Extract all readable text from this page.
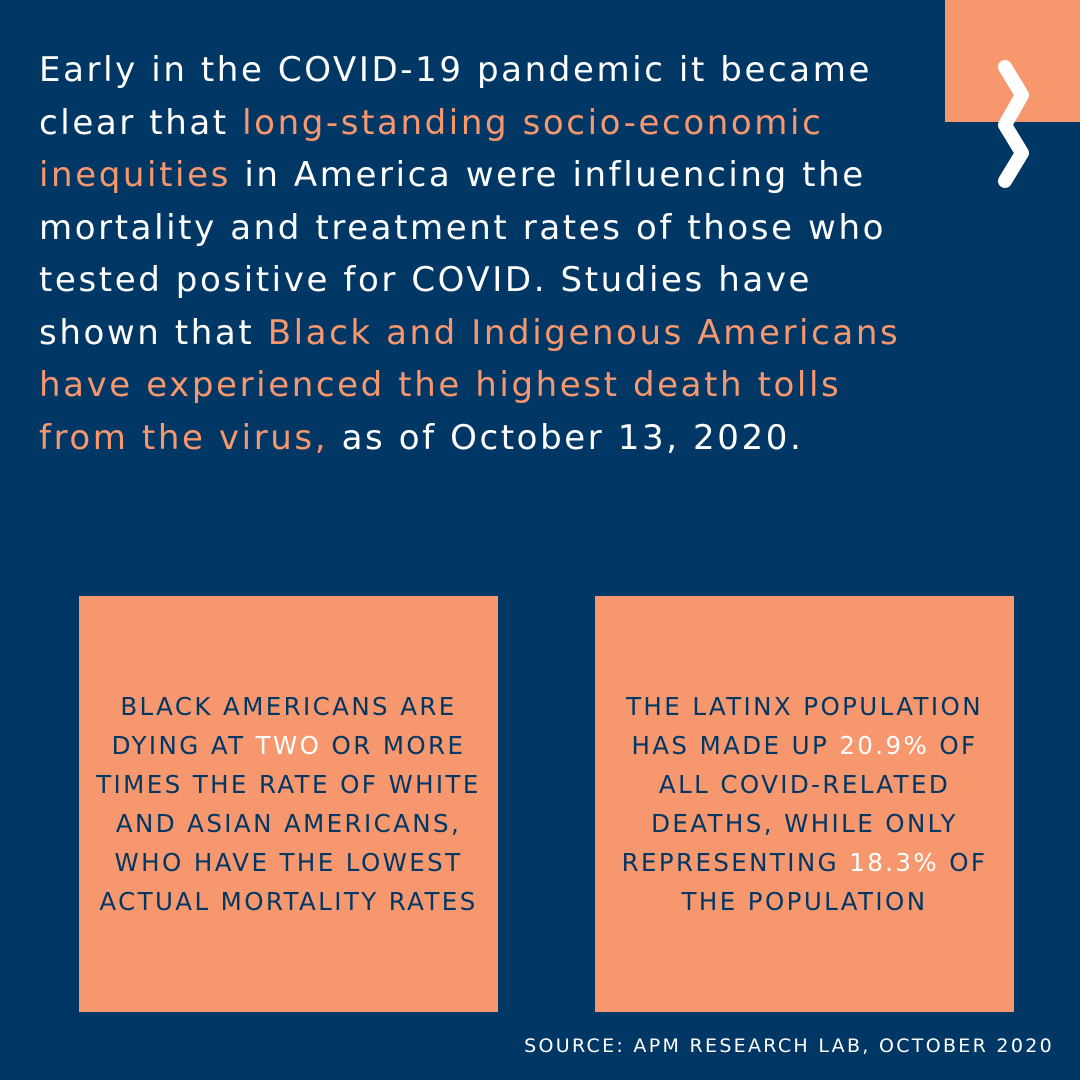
Early in the COVID-19 pandemic it became clear that long-standing socio-economic inequities in America were influencing the mortality and treatment rates of those who tested positive for COVID. Studies have shown that Black and Indigenous Americans have experienced the highest death tolls from the virus, as of October 13, 2020.

BLACK AMERICANS ARE DYING AT TWO OR MORE TIMES THE RATE OF WHITE AND ASIAN AMERICANS, WHO HAVE THE LOWEST ACTUAL MORTALITY RATES

THE LATINX POPULATION HAS MADE UP 20.9% OF ALL COVID-RELATED DEATHS, WHILE ONLY REPRESENTING 18.3% OF THE POPULATION

SOURCE: APM RESEARCH LAB, OCTOBER 2020
